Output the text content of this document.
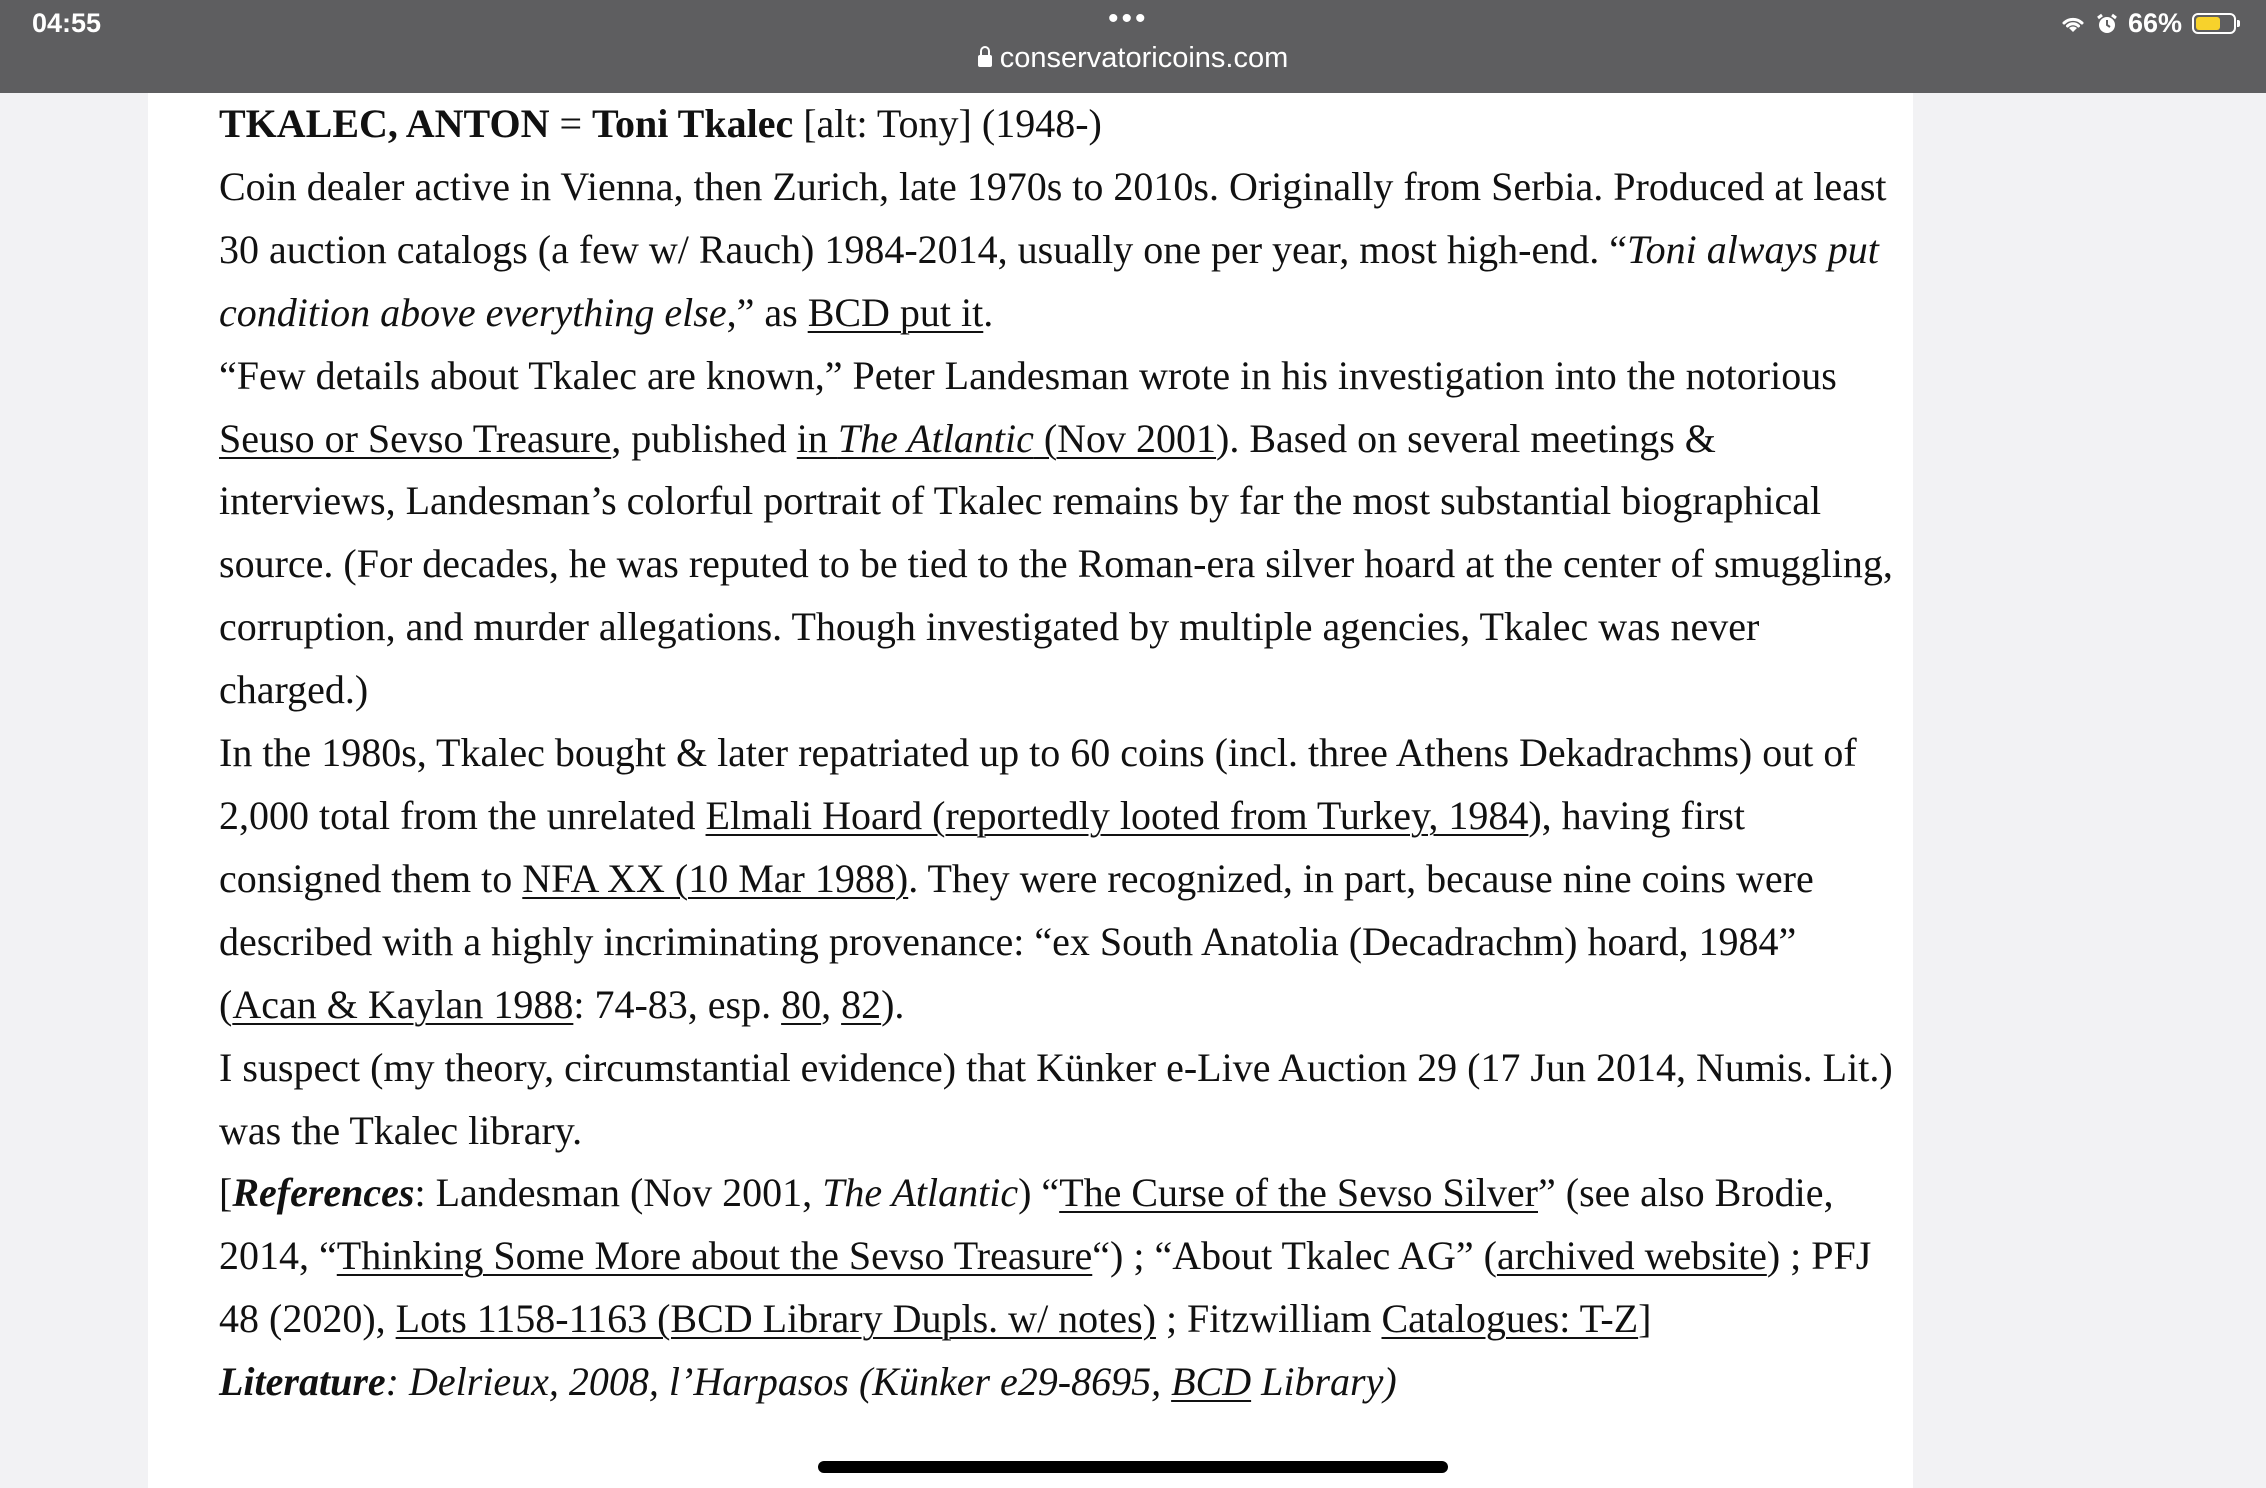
04:55	•••
conservatoricoins.com
66%

TKALEC, ANTON = Toni Tkalec [alt: Tony] (1948-)

Coin dealer active in Vienna, then Zurich, late 1970s to 2010s. Originally from Serbia. Produced at least 30 auction catalogs (a few w/ Rauch) 1984-2014, usually one per year, most high-end. “Toni always put condition above everything else,” as BCD put it.

“Few details about Tkalec are known,” Peter Landesman wrote in his investigation into the notorious Seuso or Sevso Treasure, published in The Atlantic (Nov 2001). Based on several meetings & interviews, Landesman’s colorful portrait of Tkalec remains by far the most substantial biographical source. (For decades, he was reputed to be tied to the Roman-era silver hoard at the center of smuggling, corruption, and murder allegations. Though investigated by multiple agencies, Tkalec was never charged.)

In the 1980s, Tkalec bought & later repatriated up to 60 coins (incl. three Athens Dekadrachms) out of 2,000 total from the unrelated Elmali Hoard (reportedly looted from Turkey, 1984), having first consigned them to NFA XX (10 Mar 1988). They were recognized, in part, because nine coins were described with a highly incriminating provenance: “ex South Anatolia (Decadrachm) hoard, 1984” (Acan & Kaylan 1988: 74-83, esp. 80, 82).

I suspect (my theory, circumstantial evidence) that Künker e-Live Auction 29 (17 Jun 2014, Numis. Lit.) was the Tkalec library.

[References: Landesman (Nov 2001, The Atlantic) “The Curse of the Sevso Silver” (see also Brodie, 2014, “Thinking Some More about the Sevso Treasure“) ; “About Tkalec AG” (archived website) ; PFJ 48 (2020), Lots 1158-1163 (BCD Library Dupls. w/ notes) ; Fitzwilliam Catalogues: T-Z]

Literature: Delrieux, 2008, l’Harpasos (Künker e29-8695, BCD Library)
